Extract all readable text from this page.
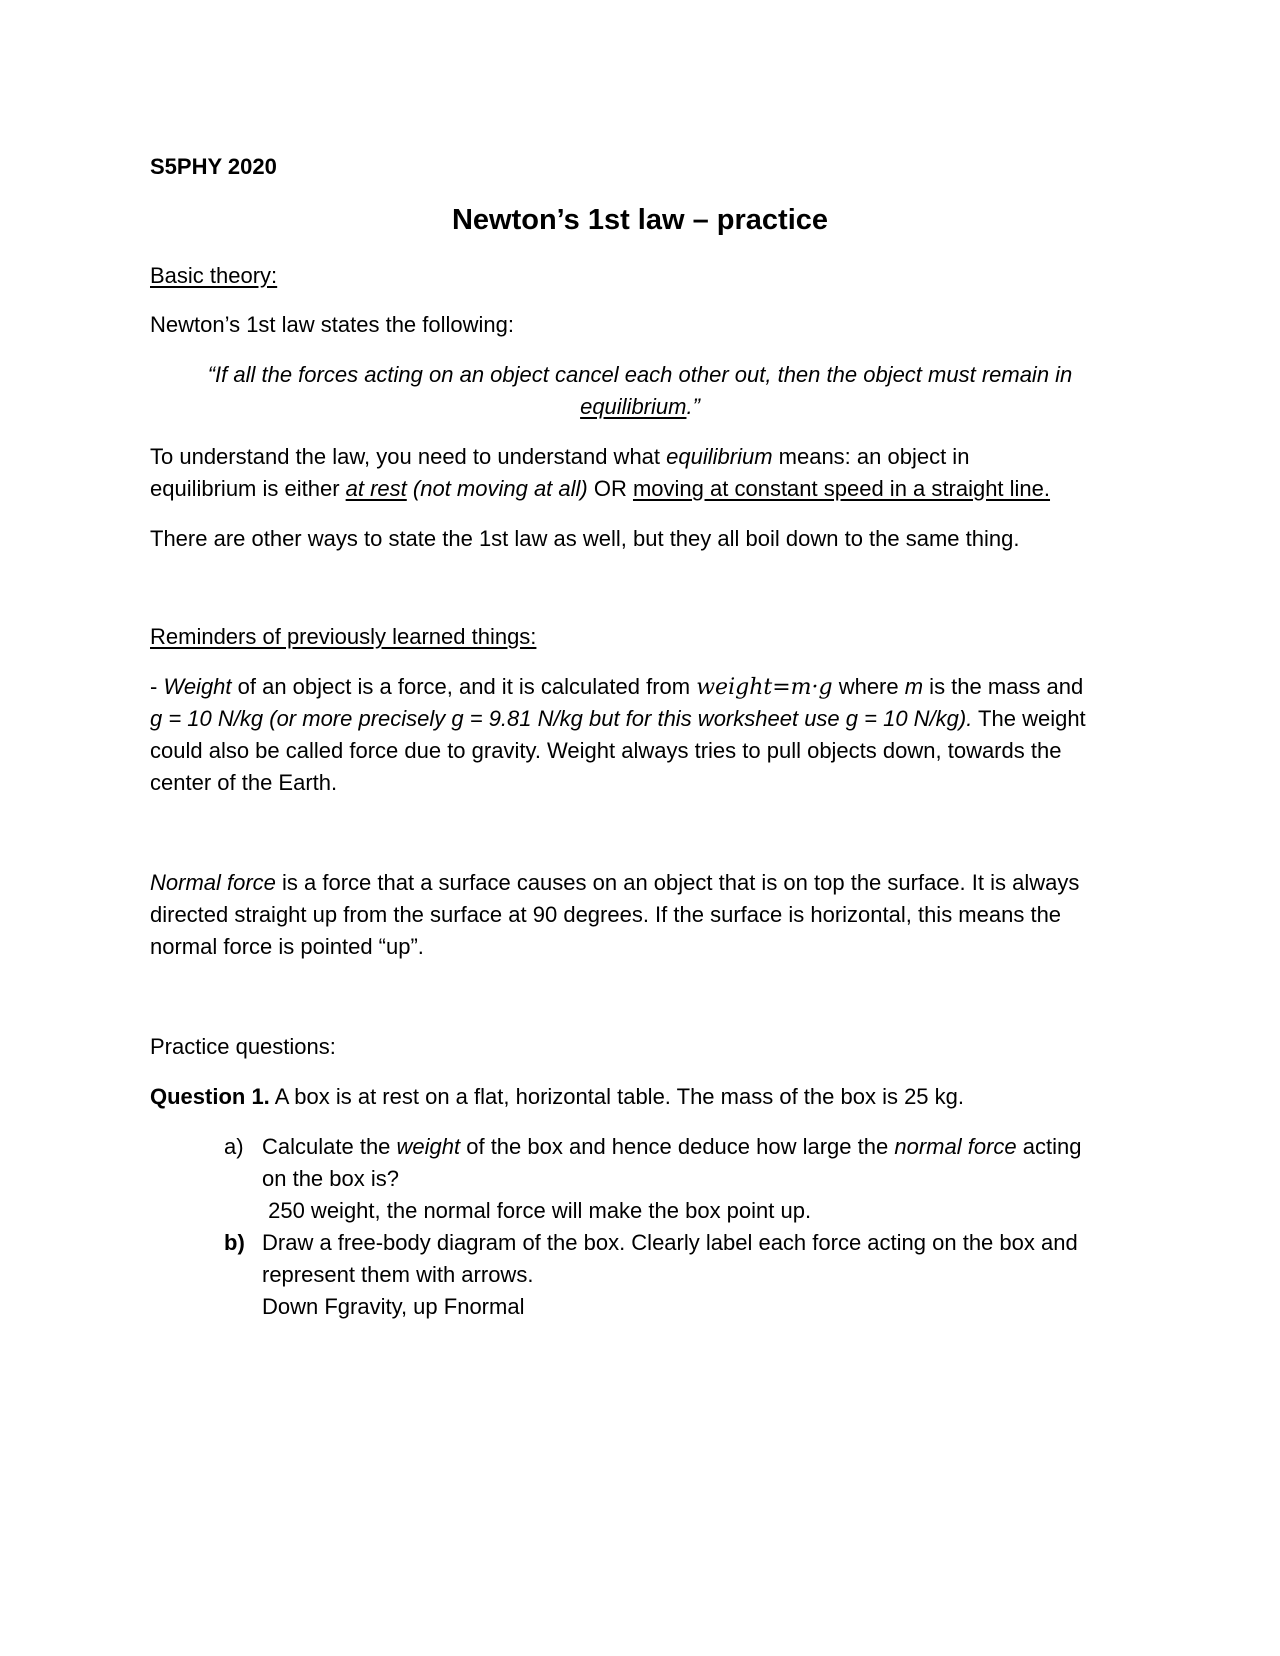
S5PHY 2020
Newton’s 1st law – practice
Basic theory:
Newton’s 1st law states the following:
“If all the forces acting on an object cancel each other out, then the object must remain in
equilibrium.”
To understand the law, you need to understand what equilibrium means: an object in
equilibrium is either at rest (not moving at all) OR moving at constant speed in a straight line.
There are other ways to state the 1st law as well, but they all boil down to the same thing.
Reminders of previously learned things:
- Weight of an object is a force, and it is calculated from weight=m·g where m is the mass and
g = 10 N/kg (or more precisely g = 9.81 N/kg but for this worksheet use g = 10 N/kg). The weight
could also be called force due to gravity. Weight always tries to pull objects down, towards the
center of the Earth.
Normal force is a force that a surface causes on an object that is on top the surface. It is always
directed straight up from the surface at 90 degrees. If the surface is horizontal, this means the
normal force is pointed “up”.
Practice questions:
Question 1. A box is at rest on a flat, horizontal table. The mass of the box is 25 kg.
a) Calculate the weight of the box and hence deduce how large the normal force acting
on the box is?
250 weight, the normal force will make the box point up.
b) Draw a free-body diagram of the box. Clearly label each force acting on the box and
represent them with arrows.
Down Fgravity, up Fnormal
